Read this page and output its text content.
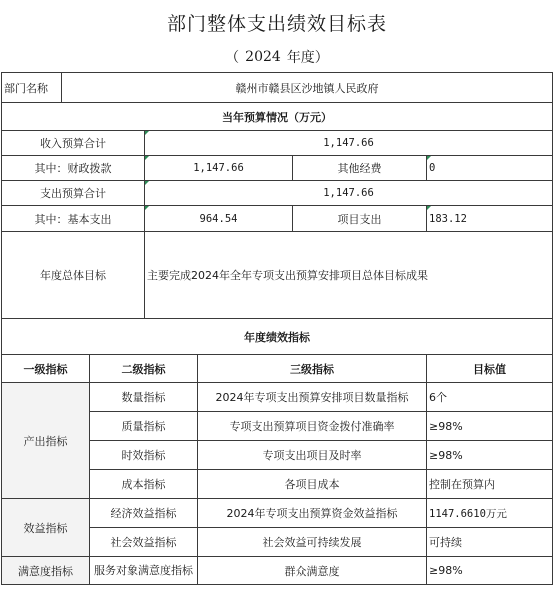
部门整体支出绩效目标表
（ 2024 年度）
部门名称	赣州市赣县区沙地镇人民政府					
当年预算情况（万元）						
收入预算合计			1,147.66			
其中：财政拨款			1,147.66		其他经费	0
支出预算合计			1,147.66			
其中：基本支出			964.54		项目支出	183.12
年度总体目标			主要完成2024年全年专项支出预算安排项目总体目标成果			
年度绩效指标						
一级指标		二级指标		三级指标		目标值
产出指标		数量指标		2024年专项支出预算安排项目数量指标		6个
		质量指标		专项支出预算项目资金拨付准确率		≥98%
		时效指标		专项支出项目及时率		≥98%
		成本指标		各项目成本		控制在预算内
效益指标		经济效益指标		2024年专项支出预算资金效益指标		1147.6610万元
		社会效益指标		社会效益可持续发展		可持续
满意度指标		服务对象满意度指标		群众满意度		≥98%
